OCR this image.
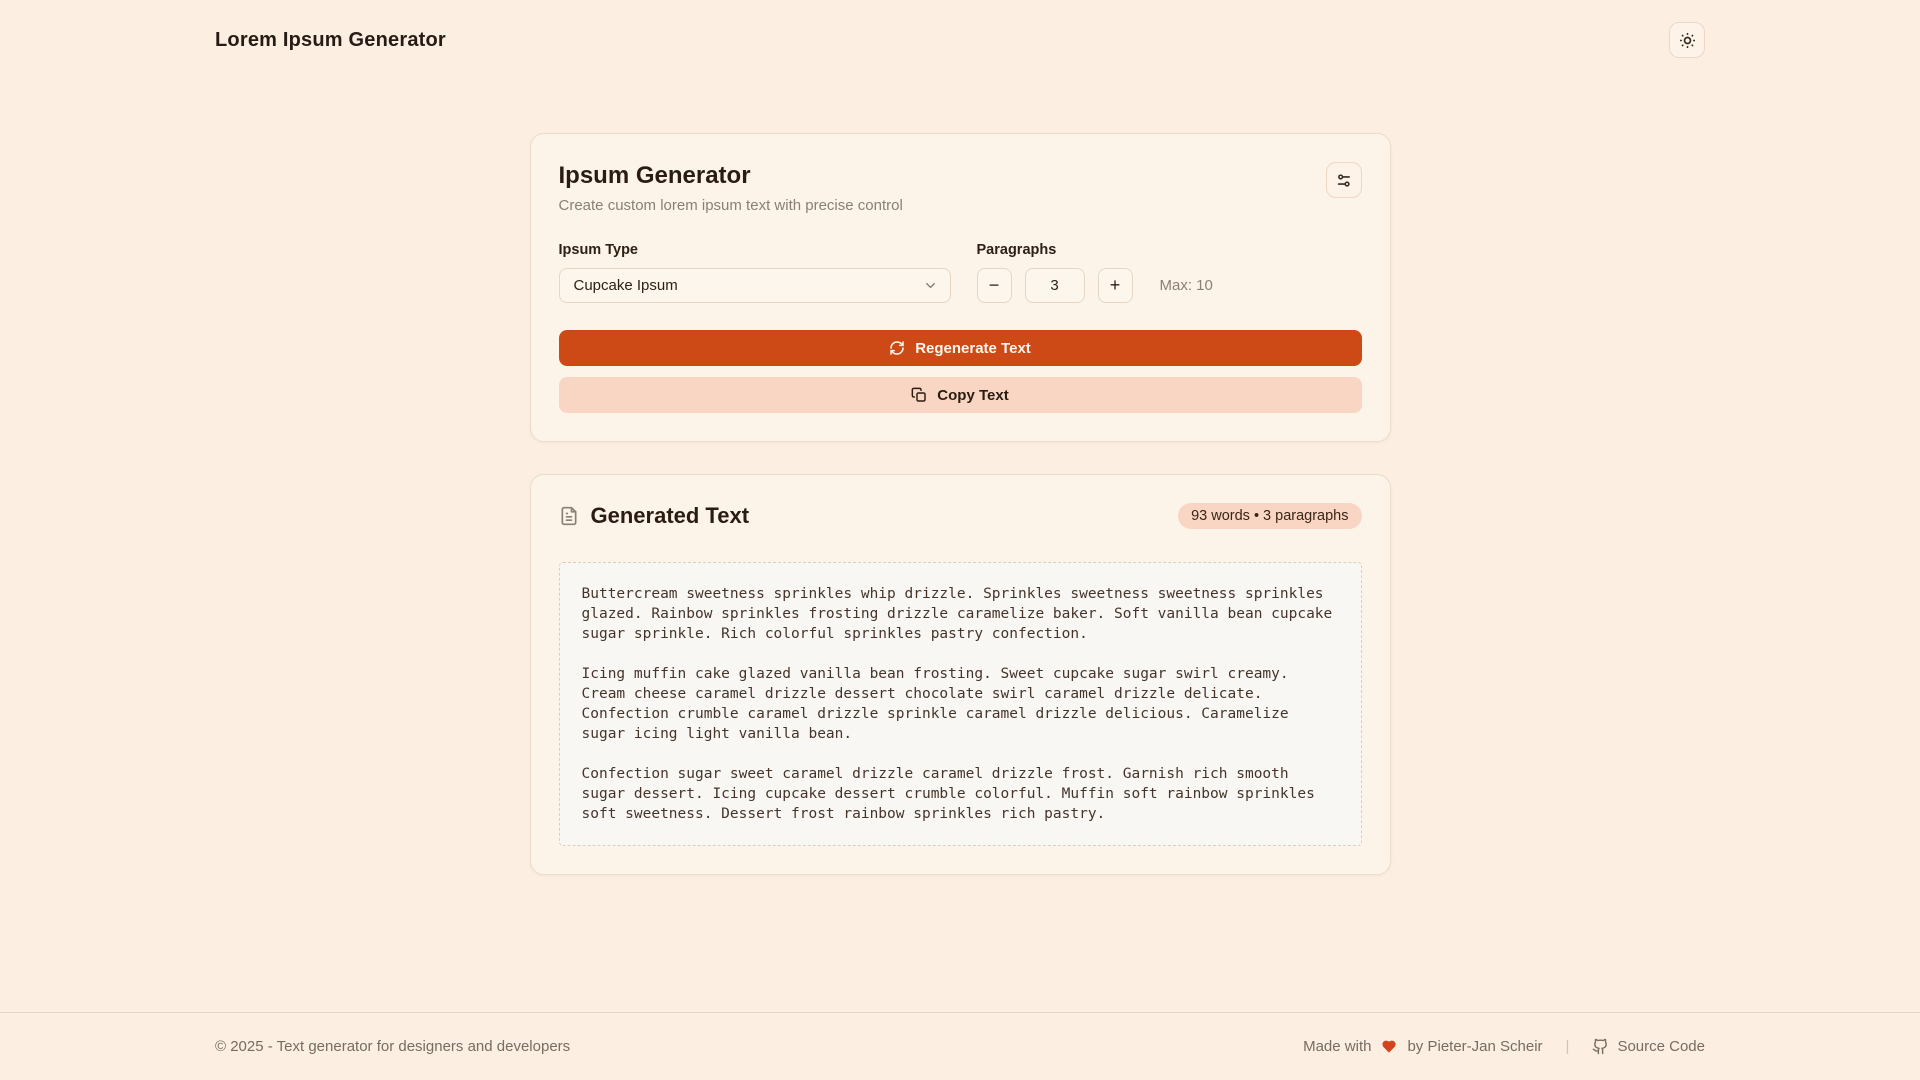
Lorem Ipsum Generator
Ipsum Generator
Create custom lorem ipsum text with precise control
Ipsum Type
Cupcake Ipsum
Paragraphs
−
3	+	Max: 10
Regenerate Text
Copy Text
Generated Text	93 words • 3 paragraphs

Buttercream sweetness sprinkles whip drizzle. Sprinkles sweetness sweetness sprinkles glazed. Rainbow sprinkles frosting drizzle caramelize baker. Soft vanilla bean cupcake sugar sprinkle. Rich colorful sprinkles pastry confection.

Icing muffin cake glazed vanilla bean frosting. Sweet cupcake sugar swirl creamy. Cream cheese caramel drizzle dessert chocolate swirl caramel drizzle delicate. Confection crumble caramel drizzle sprinkle caramel drizzle delicious. Caramelize sugar icing light vanilla bean.

Confection sugar sweet caramel drizzle caramel drizzle frost. Garnish rich smooth sugar dessert. Icing cupcake dessert crumble colorful. Muffin soft rainbow sprinkles soft sweetness. Dessert frost rainbow sprinkles rich pastry.

© 2025 - Text generator for designers and developers	Made with by Pieter-Jan Scheir |	Source Code
